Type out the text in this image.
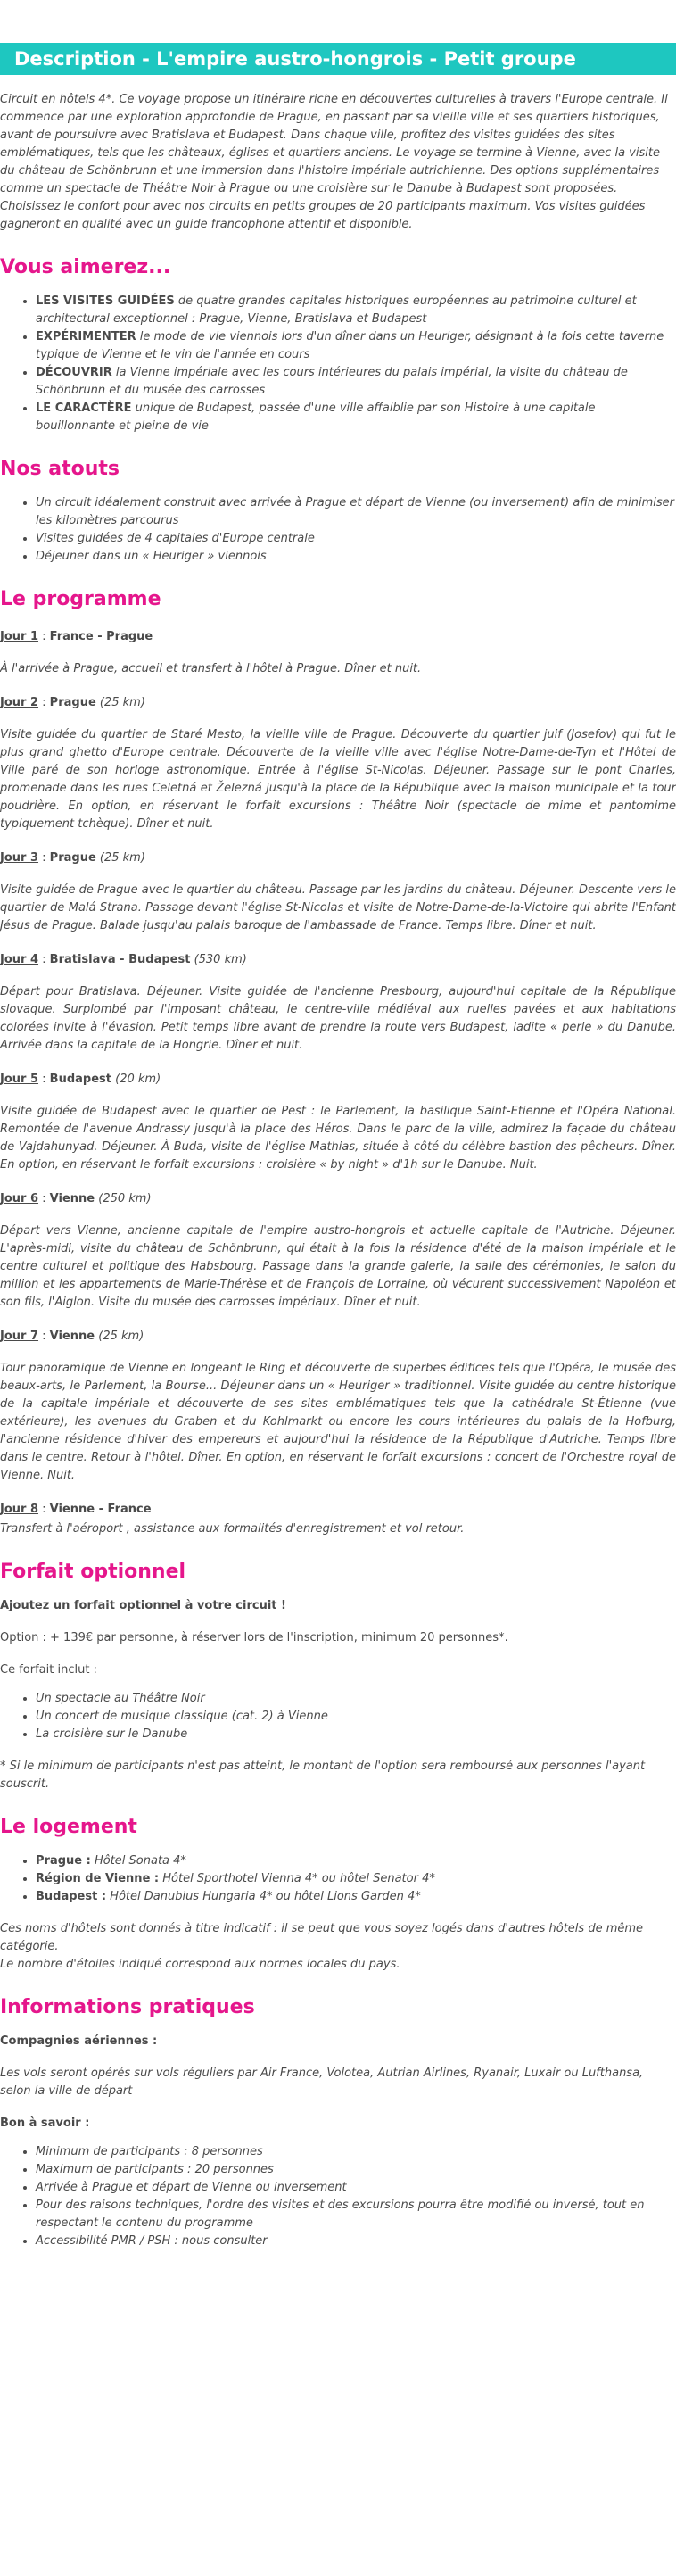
Description - L'empire austro-hongrois - Petit groupe

Circuit en hôtels 4*. Ce voyage propose un itinéraire riche en découvertes culturelles à travers l'Europe centrale. Il commence par une exploration approfondie de Prague, en passant par sa vieille ville et ses quartiers historiques, avant de poursuivre avec Bratislava et Budapest. Dans chaque ville, profitez des visites guidées des sites emblématiques, tels que les châteaux, églises et quartiers anciens. Le voyage se termine à Vienne, avec la visite du château de Schönbrunn et une immersion dans l'histoire impériale autrichienne. Des options supplémentaires comme un spectacle de Théâtre Noir à Prague ou une croisière sur le Danube à Budapest sont proposées.

Choisissez le confort pour avec nos circuits en petits groupes de 20 participants maximum. Vos visites guidées gagneront en qualité avec un guide francophone attentif et disponible.

Vous aimerez...
• LES VISITES GUIDÉES de quatre grandes capitales historiques européennes au patrimoine culturel et architectural exceptionnel : Prague, Vienne, Bratislava et Budapest
• EXPÉRIMENTER le mode de vie viennois lors d'un dîner dans un Heuriger, désignant à la fois cette taverne typique de Vienne et le vin de l'année en cours
• DÉCOUVRIR la Vienne impériale avec les cours intérieures du palais impérial, la visite du château de Schönbrunn et du musée des carrosses
• LE CARACTÈRE unique de Budapest, passée d'une ville affaiblie par son Histoire à une capitale bouillonnante et pleine de vie
Nos atouts
• Un circuit idéalement construit avec arrivée à Prague et départ de Vienne (ou inversement) afin de minimiser les kilomètres parcourus
• Visites guidées de 4 capitales d'Europe centrale
• Déjeuner dans un « Heuriger » viennois
Le programme
Jour 1 : France - Prague
À l'arrivée à Prague, accueil et transfert à l'hôtel à Prague. Dîner et nuit.
Jour 2 : Prague (25 km)
Visite guidée du quartier de Staré Mesto, la vieille ville de Prague. Découverte du quartier juif (Josefov) qui fut le plus grand ghetto d'Europe centrale. Découverte de la vieille ville avec l'église Notre-Dame-de-Tyn et l'Hôtel de Ville paré de son horloge astronomique. Entrée à l'église St-Nicolas. Déjeuner. Passage sur le pont Charles, promenade dans les rues Celetná et Železná jusqu'à la place de la République avec la maison municipale et la tour poudrière. En option, en réservant le forfait excursions : Théâtre Noir (spectacle de mime et pantomime typiquement tchèque). Dîner et nuit.
Jour 3 : Prague (25 km)
Visite guidée de Prague avec le quartier du château. Passage par les jardins du château. Déjeuner. Descente vers le quartier de Malá Strana. Passage devant l'église St-Nicolas et visite de Notre-Dame-de-la-Victoire qui abrite l'Enfant Jésus de Prague. Balade jusqu'au palais baroque de l'ambassade de France. Temps libre. Dîner et nuit.
Jour 4 : Bratislava - Budapest (530 km)
Départ pour Bratislava. Déjeuner. Visite guidée de l'ancienne Presbourg, aujourd'hui capitale de la République slovaque. Surplombé par l'imposant château, le centre-ville médiéval aux ruelles pavées et aux habitations colorées invite à l'évasion. Petit temps libre avant de prendre la route vers Budapest, ladite « perle » du Danube. Arrivée dans la capitale de la Hongrie. Dîner et nuit.
Jour 5 : Budapest (20 km)
Visite guidée de Budapest avec le quartier de Pest : le Parlement, la basilique Saint-Etienne et l'Opéra National. Remontée de l'avenue Andrassy jusqu'à la place des Héros. Dans le parc de la ville, admirez la façade du château de Vajdahunyad. Déjeuner. À Buda, visite de l'église Mathias, située à côté du célèbre bastion des pêcheurs. Dîner. En option, en réservant le forfait excursions : croisière « by night » d'1h sur le Danube. Nuit.
Jour 6 : Vienne (250 km)
Départ vers Vienne, ancienne capitale de l'empire austro-hongrois et actuelle capitale de l'Autriche. Déjeuner. L'après-midi, visite du château de Schönbrunn, qui était à la fois la résidence d'été de la maison impériale et le centre culturel et politique des Habsbourg. Passage dans la grande galerie, la salle des cérémonies, le salon du million et les appartements de Marie-Thérèse et de François de Lorraine, où vécurent successivement Napoléon et son fils, l'Aiglon. Visite du musée des carrosses impériaux. Dîner et nuit.
Jour 7 : Vienne (25 km)
Tour panoramique de Vienne en longeant le Ring et découverte de superbes édifices tels que l'Opéra, le musée des beaux-arts, le Parlement, la Bourse... Déjeuner dans un « Heuriger » traditionnel. Visite guidée du centre historique de la capitale impériale et découverte de ses sites emblématiques tels que la cathédrale St-Étienne (vue extérieure), les avenues du Graben et du Kohlmarkt ou encore les cours intérieures du palais de la Hofburg, l'ancienne résidence d'hiver des empereurs et aujourd'hui la résidence de la République d'Autriche. Temps libre dans le centre. Retour à l'hôtel. Dîner. En option, en réservant le forfait excursions : concert de l'Orchestre royal de Vienne. Nuit.
Jour 8 : Vienne - France
Transfert à l'aéroport , assistance aux formalités d'enregistrement et vol retour.
Forfait optionnel
Ajoutez un forfait optionnel à votre circuit !
Option : + 139€ par personne, à réserver lors de l'inscription, minimum 20 personnes*.
Ce forfait inclut :
• Un spectacle au Théâtre Noir
• Un concert de musique classique (cat. 2) à Vienne
• La croisière sur le Danube
* Si le minimum de participants n'est pas atteint, le montant de l'option sera remboursé aux personnes l'ayant souscrit.
Le logement
• Prague : Hôtel Sonata 4*
• Région de Vienne : Hôtel Sporthotel Vienna 4* ou hôtel Senator 4*
• Budapest : Hôtel Danubius Hungaria 4* ou hôtel Lions Garden 4*
Ces noms d'hôtels sont donnés à titre indicatif : il se peut que vous soyez logés dans d'autres hôtels de même catégorie.
Le nombre d'étoiles indiqué correspond aux normes locales du pays.
Informations pratiques
Compagnies aériennes :
Les vols seront opérés sur vols réguliers par Air France, Volotea, Autrian Airlines, Ryanair, Luxair ou Lufthansa, selon la ville de départ
Bon à savoir :
• Minimum de participants : 8 personnes
• Maximum de participants : 20 personnes
• Arrivée à Prague et départ de Vienne ou inversement
• Pour des raisons techniques, l'ordre des visites et des excursions pourra être modifié ou inversé, tout en respectant le contenu du programme
• Accessibilité PMR / PSH : nous consulter
